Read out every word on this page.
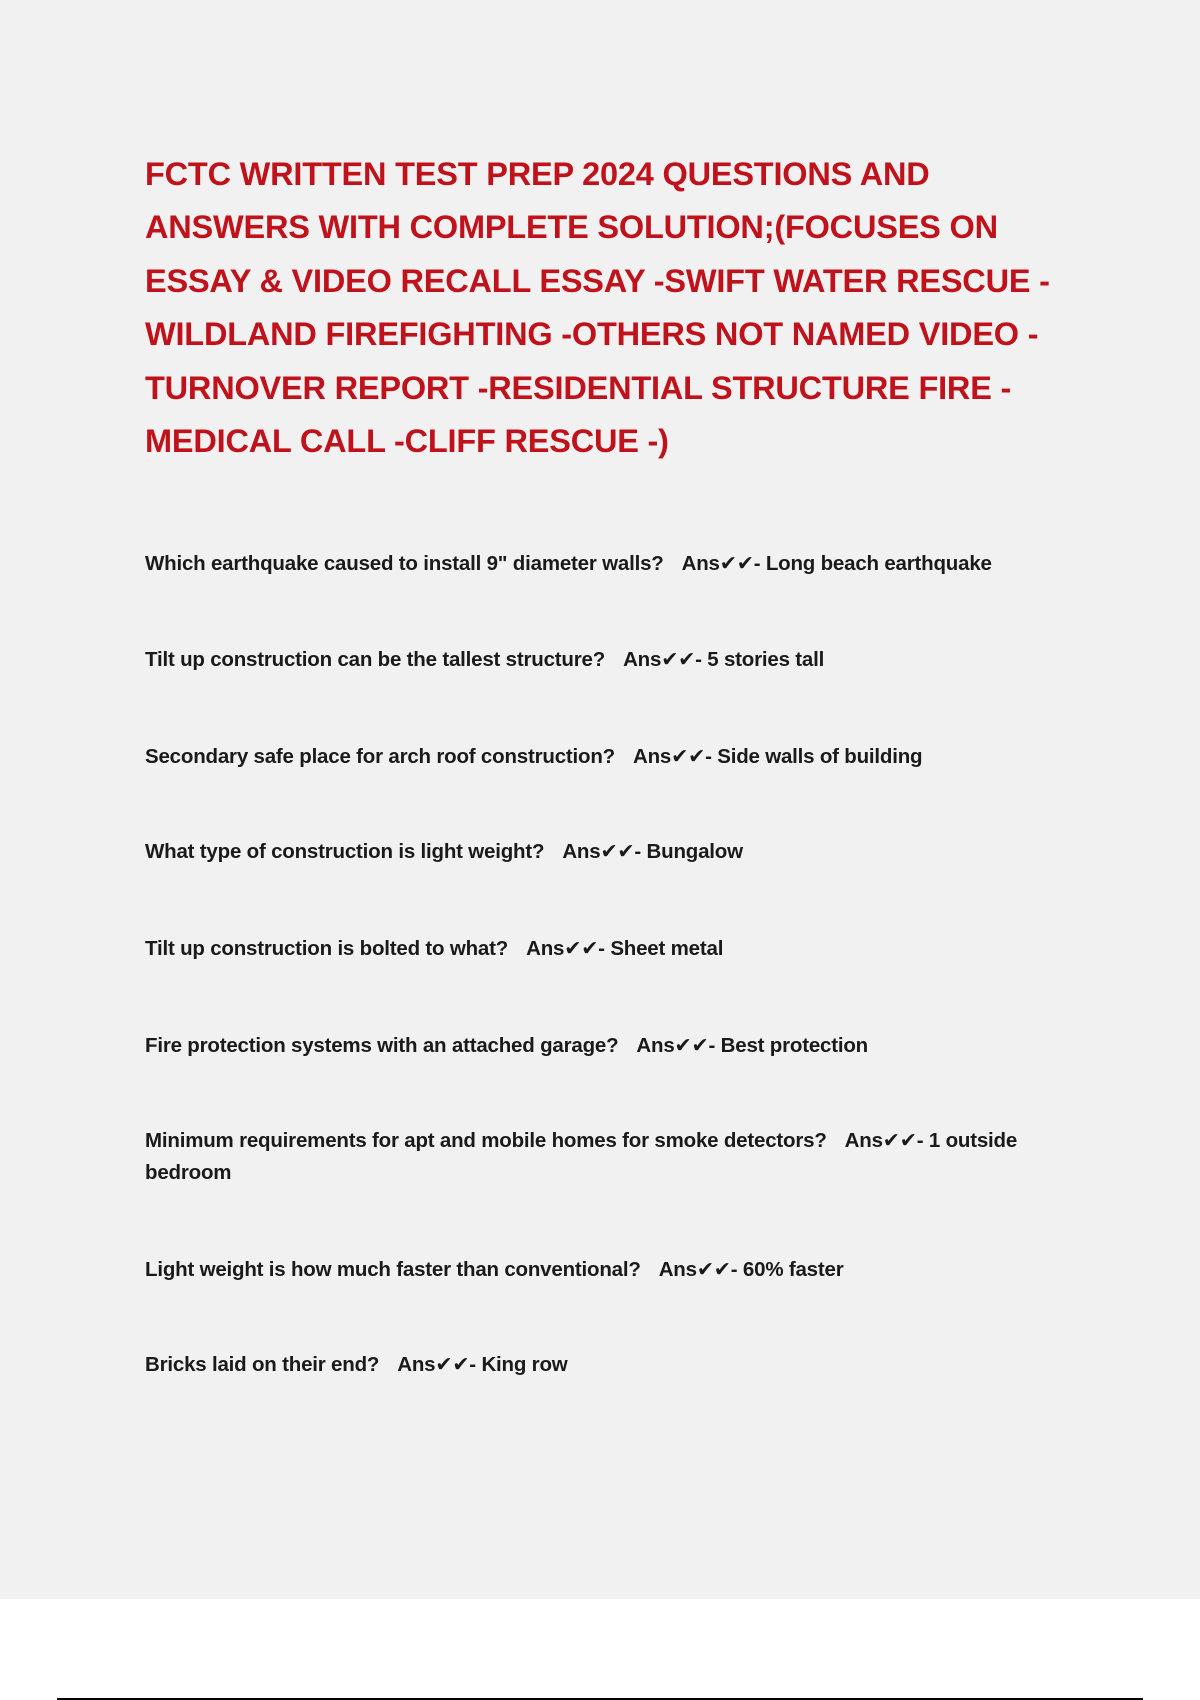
FCTC WRITTEN TEST PREP 2024 QUESTIONS AND ANSWERS WITH COMPLETE SOLUTION;(FOCUSES ON ESSAY & VIDEO RECALL ESSAY -SWIFT WATER RESCUE -WILDLAND FIREFIGHTING -OTHERS NOT NAMED VIDEO -TURNOVER REPORT -RESIDENTIAL STRUCTURE FIRE -MEDICAL CALL -CLIFF RESCUE -)
Which earthquake caused to install 9" diameter walls? Ans✔✔- Long beach earthquake
Tilt up construction can be the tallest structure? Ans✔✔- 5 stories tall
Secondary safe place for arch roof construction? Ans✔✔- Side walls of building
What type of construction is light weight? Ans✔✔- Bungalow
Tilt up construction is bolted to what? Ans✔✔- Sheet metal
Fire protection systems with an attached garage? Ans✔✔- Best protection
Minimum requirements for apt and mobile homes for smoke detectors? Ans✔✔- 1 outside bedroom
Light weight is how much faster than conventional? Ans✔✔- 60% faster
Bricks laid on their end? Ans✔✔- King row
